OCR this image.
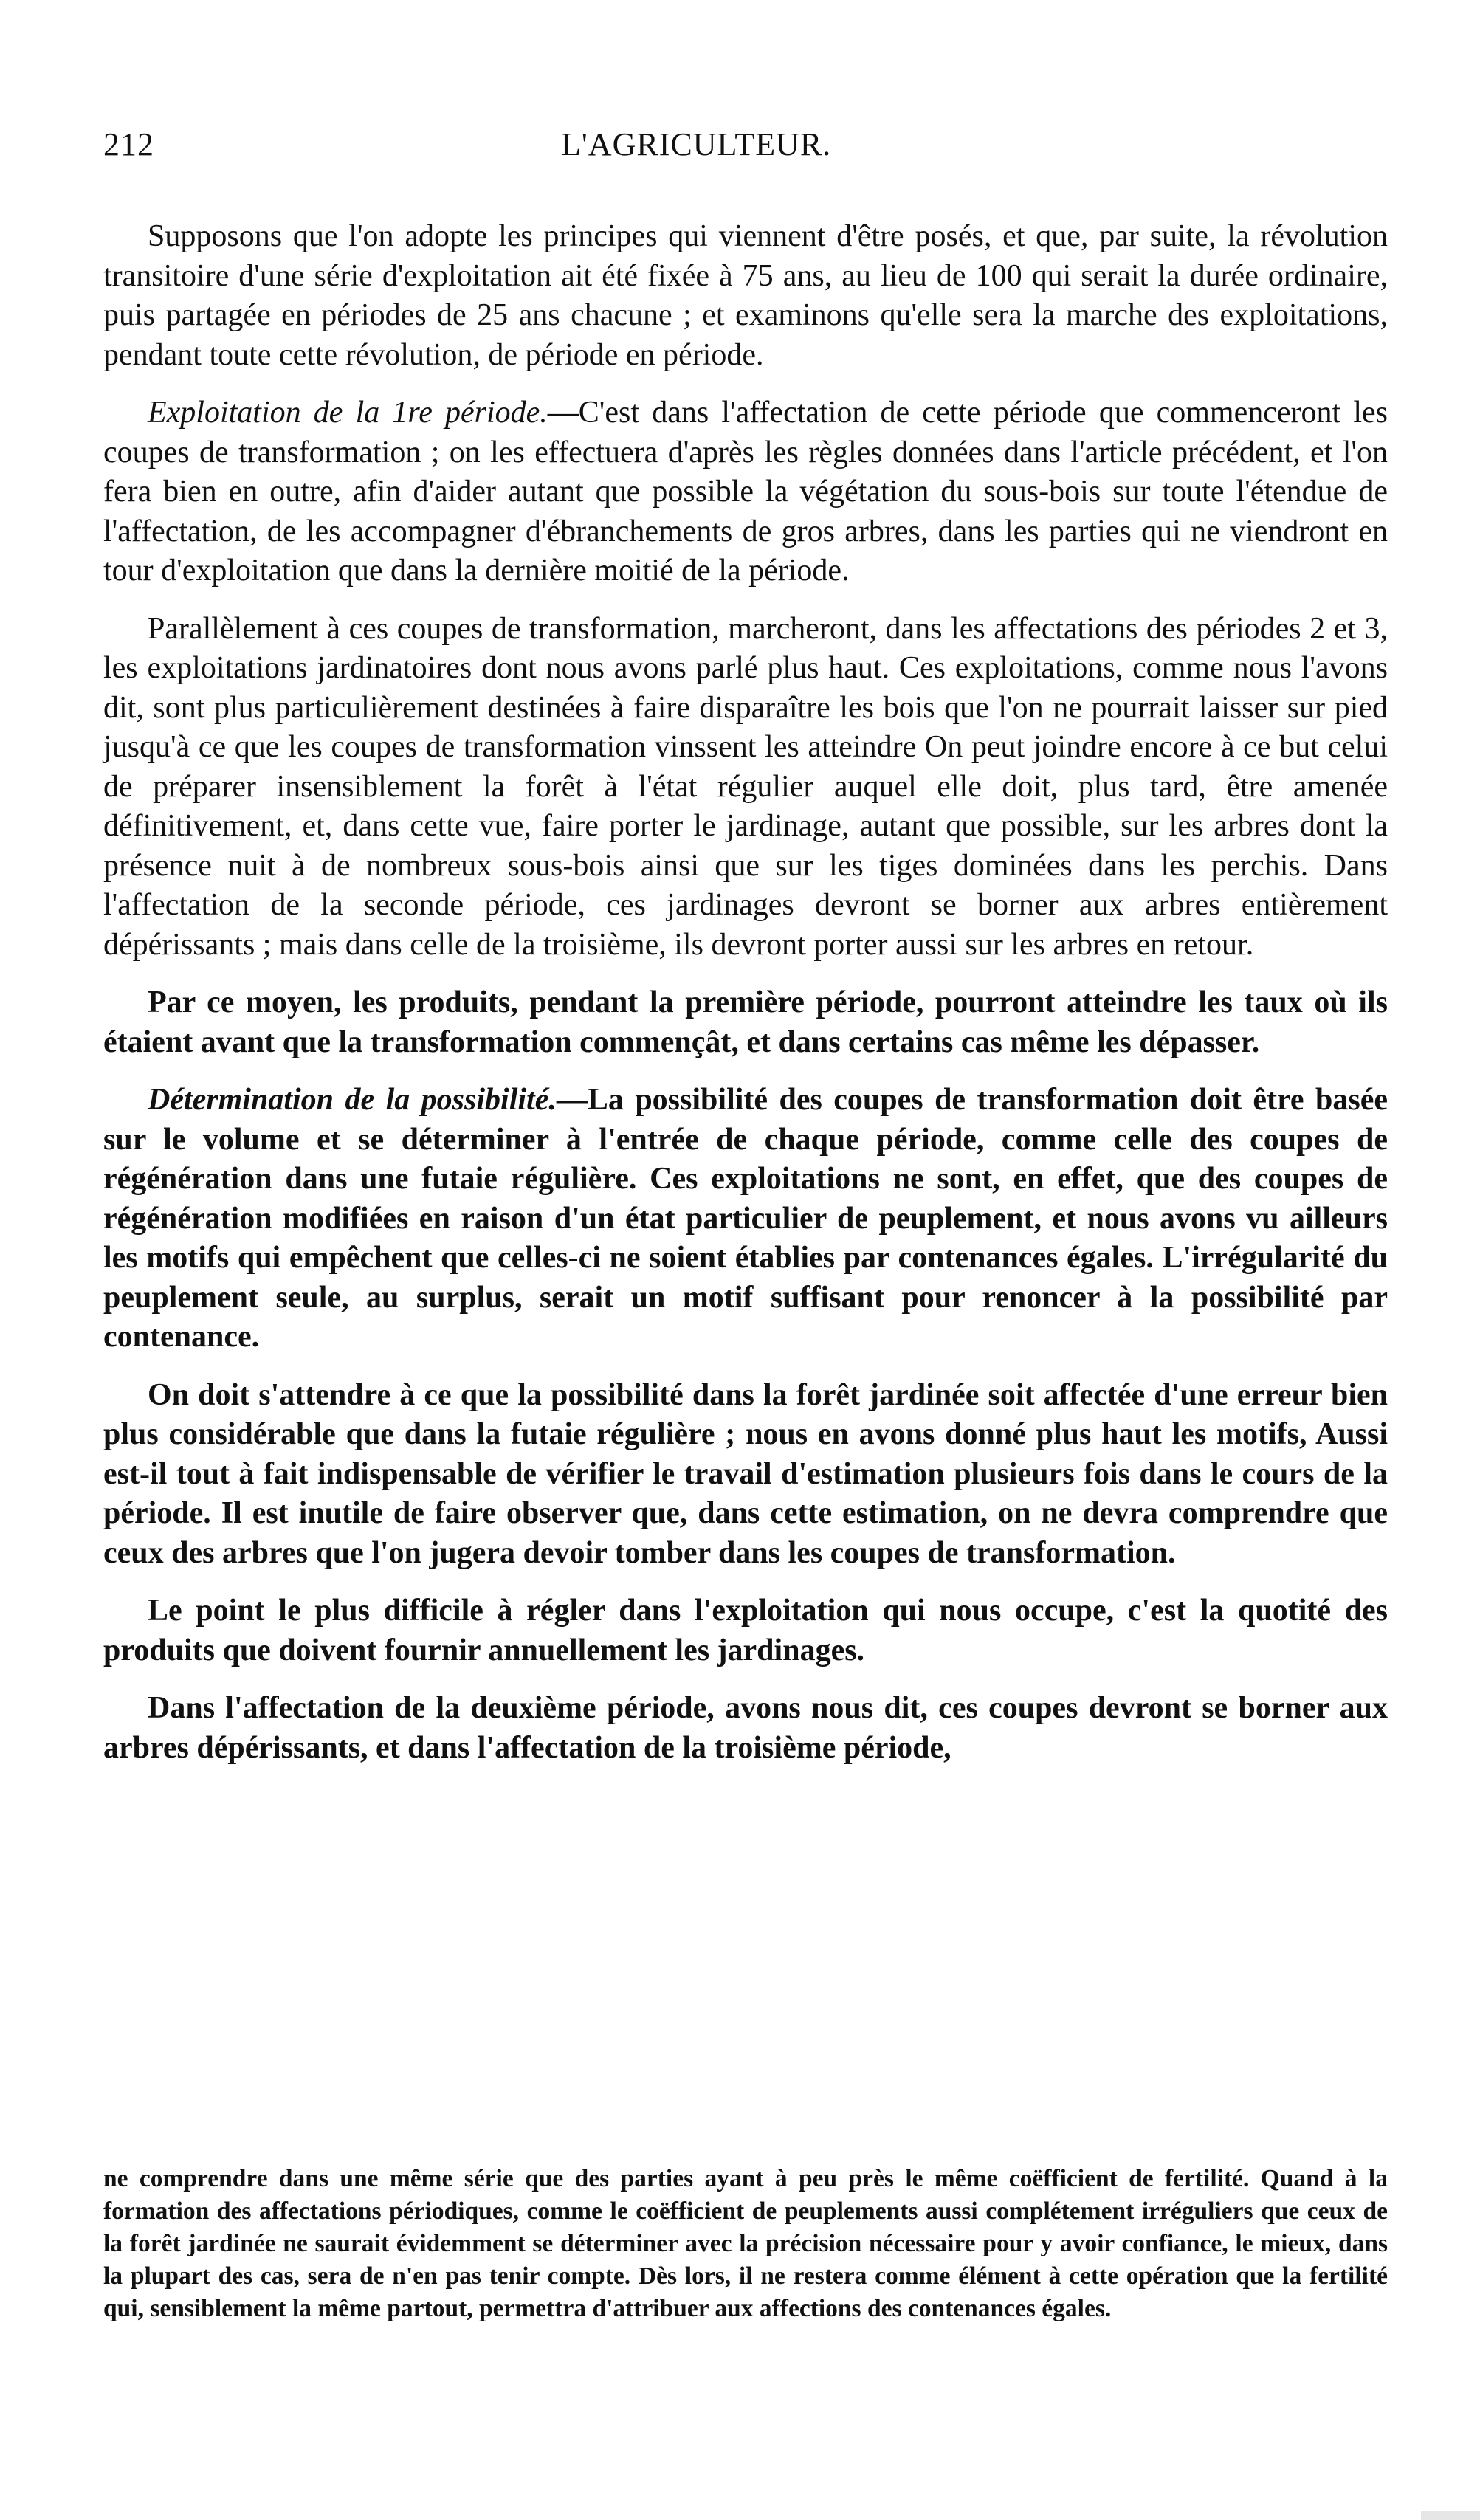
212	L'AGRICULTEUR.

Supposons que l'on adopte les principes qui viennent d'être posés, et que, par suite, la révolution transitoire d'une série d'exploitation ait été fixée à 75 ans, au lieu de 100 qui serait la durée ordinaire, puis partagée en périodes de 25 ans chacune ; et examinons qu'elle sera la marche des exploitations, pendant toute cette révolution, de période en période.

Exploitation de la 1re période.—C'est dans l'affectation de cette période que commenceront les coupes de transformation ; on les effectuera d'après les règles données dans l'article précédent, et l'on fera bien en outre, afin d'aider autant que possible la végétation du sous-bois sur toute l'étendue de l'affectation, de les accompagner d'ébranchements de gros arbres, dans les parties qui ne viendront en tour d'exploitation que dans la dernière moitié de la période.

Parallèlement à ces coupes de transformation, marcheront, dans les affectations des périodes 2 et 3, les exploitations jardinatoires dont nous avons parlé plus haut. Ces exploitations, comme nous l'avons dit, sont plus particulièrement destinées à faire disparaître les bois que l'on ne pourrait laisser sur pied jusqu'à ce que les coupes de transformation vinssent les atteindre On peut joindre encore à ce but celui de préparer insensiblement la forêt à l'état régulier auquel elle doit, plus tard, être amenée définitivement, et, dans cette vue, faire porter le jardinage, autant que possible, sur les arbres dont la présence nuit à de nombreux sous-bois ainsi que sur les tiges dominées dans les perchis. Dans l'affectation de la seconde période, ces jardinages devront se borner aux arbres entièrement dépérissants ; mais dans celle de la troisième, ils devront porter aussi sur les arbres en retour.

Par ce moyen, les produits, pendant la première période, pourront atteindre les taux où ils étaient avant que la transformation commençât, et dans certains cas même les dépasser.

Détermination de la possibilité.—La possibilité des coupes de transformation doit être basée sur le volume et se déterminer à l'entrée de chaque période, comme celle des coupes de régénération dans une futaie régulière. Ces exploitations ne sont, en effet, que des coupes de régénération modifiées en raison d'un état particulier de peuplement, et nous avons vu ailleurs les motifs qui empêchent que celles-ci ne soient établies par contenances égales. L'irrégularité du peuplement seule, au surplus, serait un motif suffisant pour renoncer à la possibilité par contenance.

On doit s'attendre à ce que la possibilité dans la forêt jardinée soit affectée d'une erreur bien plus considérable que dans la futaie régulière ; nous en avons donné plus haut les motifs, Aussi est-il tout à fait indispensable de vérifier le travail d'estimation plusieurs fois dans le cours de la période. Il est inutile de faire observer que, dans cette estimation, on ne devra comprendre que ceux des arbres que l'on jugera devoir tomber dans les coupes de transformation.

Le point le plus difficile à régler dans l'exploitation qui nous occupe, c'est la quotité des produits que doivent fournir annuellement les jardinages.

Dans l'affectation de la deuxième période, avons nous dit, ces coupes devront se borner aux arbres dépérissants, et dans l'affectation de la troisième période,

ne comprendre dans une même série que des parties ayant à peu près le même coëfficient de fertilité. Quand à la formation des affectations périodiques, comme le coëfficient de peuplements aussi complétement irréguliers que ceux de la forêt jardinée ne saurait évidemment se déterminer avec la précision nécessaire pour y avoir confiance, le mieux, dans la plupart des cas, sera de n'en pas tenir compte. Dès lors, il ne restera comme élément à cette opération que la fertilité qui, sensiblement la même partout, permettra d'attribuer aux affections des contenances égales.
